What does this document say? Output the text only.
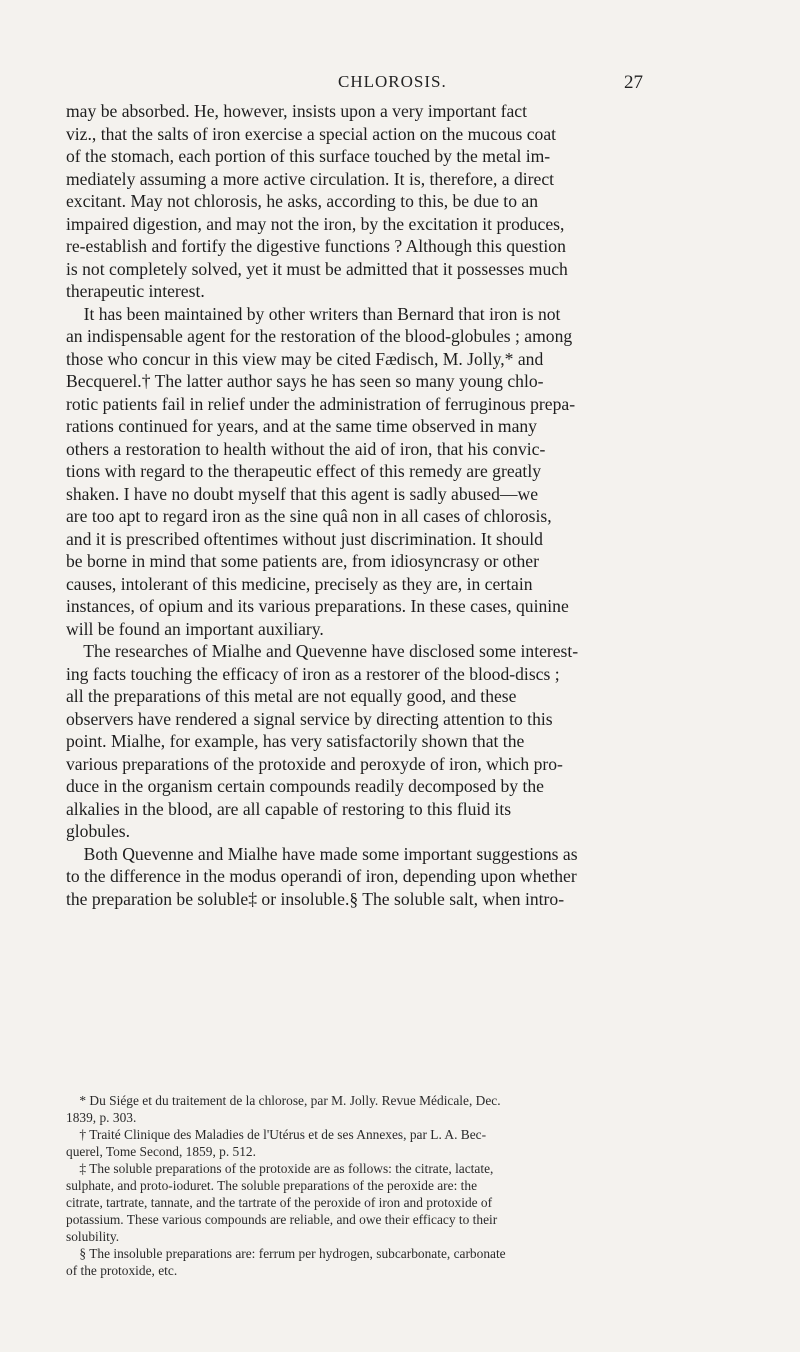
CHLOROSIS.	27

may be absorbed. He, however, insists upon a very important fact
viz., that the salts of iron exercise a special action on the mucous coat
of the stomach, each portion of this surface touched by the metal im-
mediately assuming a more active circulation. It is, therefore, a direct
excitant. May not chlorosis, he asks, according to this, be due to an
impaired digestion, and may not the iron, by the excitation it produces,
re-establish and fortify the digestive functions ? Although this question
is not completely solved, yet it must be admitted that it possesses much
therapeutic interest.
It has been maintained by other writers than Bernard that iron is not
an indispensable agent for the restoration of the blood-globules ; among
those who concur in this view may be cited Fædisch, M. Jolly,* and
Becquerel.† The latter author says he has seen so many young chlo-
rotic patients fail in relief under the administration of ferruginous prepa-
rations continued for years, and at the same time observed in many
others a restoration to health without the aid of iron, that his convic-
tions with regard to the therapeutic effect of this remedy are greatly
shaken. I have no doubt myself that this agent is sadly abused—we
are too apt to regard iron as the sine quâ non in all cases of chlorosis,
and it is prescribed oftentimes without just discrimination. It should
be borne in mind that some patients are, from idiosyncrasy or other
causes, intolerant of this medicine, precisely as they are, in certain
instances, of opium and its various preparations. In these cases, quinine
will be found an important auxiliary.
The researches of Mialhe and Quevenne have disclosed some interest-
ing facts touching the efficacy of iron as a restorer of the blood-discs ;
all the preparations of this metal are not equally good, and these
observers have rendered a signal service by directing attention to this
point. Mialhe, for example, has very satisfactorily shown that the
various preparations of the protoxide and peroxyde of iron, which pro-
duce in the organism certain compounds readily decomposed by the
alkalies in the blood, are all capable of restoring to this fluid its
globules.
Both Quevenne and Mialhe have made some important suggestions as
to the difference in the modus operandi of iron, depending upon whether
the preparation be soluble‡ or insoluble.§ The soluble salt, when intro-

* Du Siége et du traitement de la chlorose, par M. Jolly. Revue Médicale, Dec.
1839, p. 303.
† Traité Clinique des Maladies de l'Utérus et de ses Annexes, par L. A. Bec-
querel, Tome Second, 1859, p. 512.
‡ The soluble preparations of the protoxide are as follows: the citrate, lactate,
sulphate, and proto-ioduret. The soluble preparations of the peroxide are: the
citrate, tartrate, tannate, and the tartrate of the peroxide of iron and protoxide of
potassium. These various compounds are reliable, and owe their efficacy to their
solubility.
§ The insoluble preparations are: ferrum per hydrogen, subcarbonate, carbonate
of the protoxide, etc.
